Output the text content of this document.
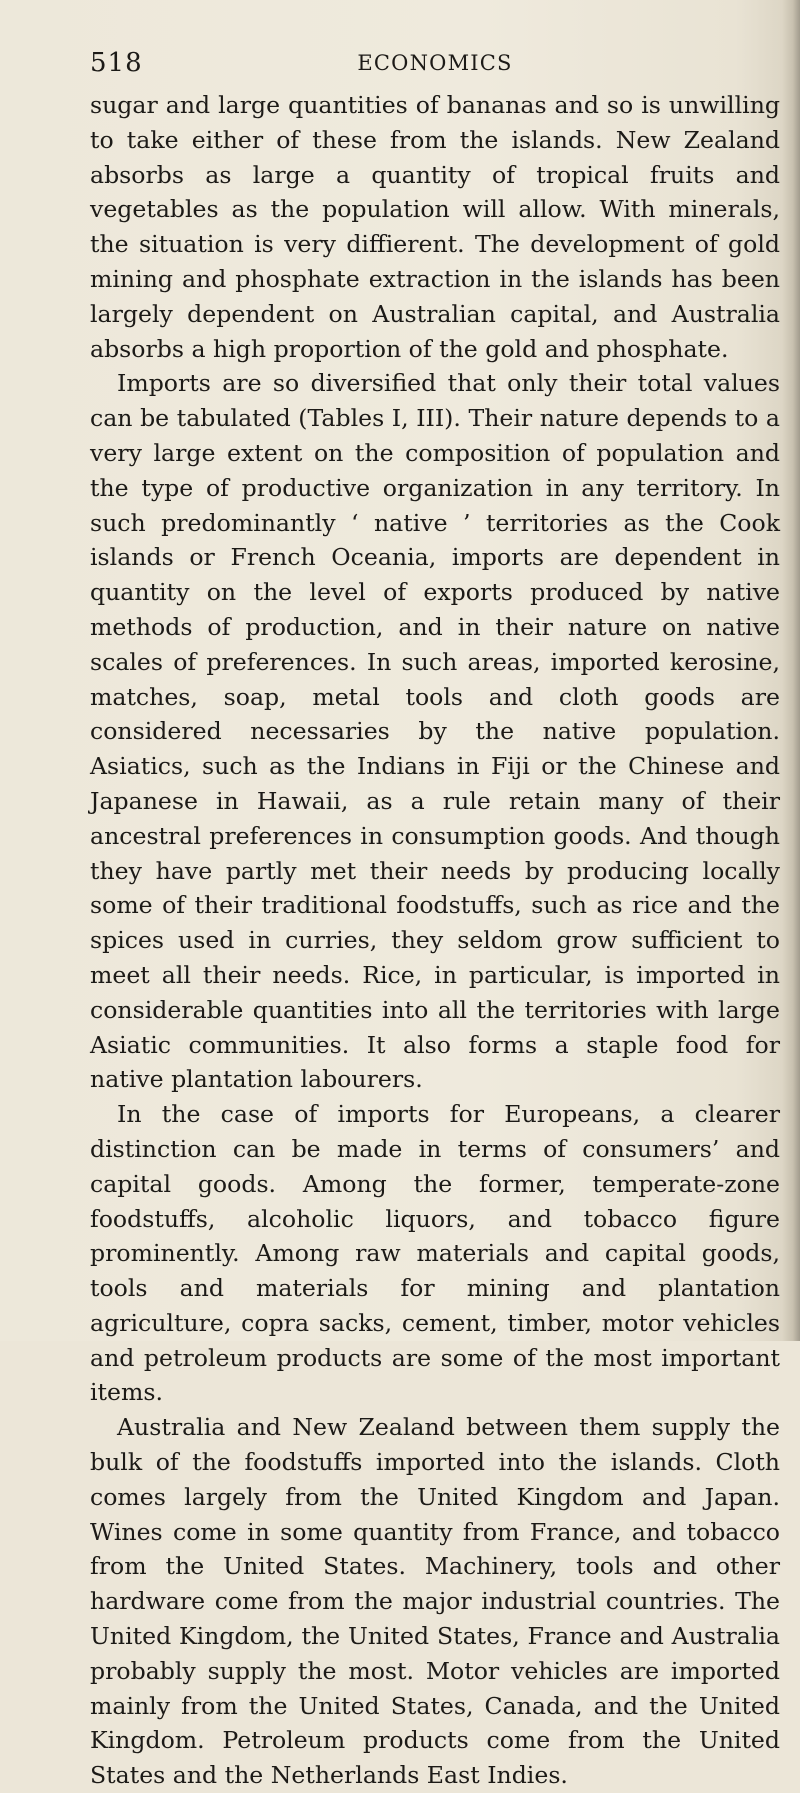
518	ECONOMICS

sugar and large quantities of bananas and so is unwilling to take either of these from the islands. New Zealand absorbs as large a quantity of tropical fruits and vegetables as the population will allow. With minerals, the situation is very diffierent. The development of gold mining and phosphate extraction in the islands has been largely dependent on Australian capital, and Australia absorbs a high proportion of the gold and phosphate.

Imports are so diversified that only their total values can be tabulated (Tables I, III). Their nature depends to a very large extent on the composition of population and the type of productive organization in any territory. In such predominantly ‘ native ’ territories as the Cook islands or French Oceania, imports are dependent in quantity on the level of exports produced by native methods of production, and in their nature on native scales of preferences. In such areas, imported kerosine, matches, soap, metal tools and cloth goods are considered necessaries by the native population. Asiatics, such as the Indians in Fiji or the Chinese and Japanese in Hawaii, as a rule retain many of their ancestral preferences in consumption goods. And though they have partly met their needs by producing locally some of their traditional foodstuffs, such as rice and the spices used in curries, they seldom grow sufficient to meet all their needs. Rice, in particular, is imported in considerable quantities into all the territories with large Asiatic communities. It also forms a staple food for native plantation labourers.

In the case of imports for Europeans, a clearer distinction can be made in terms of consumers’ and capital goods. Among the former, temperate-zone foodstuffs, alcoholic liquors, and tobacco figure prominently. Among raw materials and capital goods, tools and materials for mining and plantation agriculture, copra sacks, cement, timber, motor vehicles and petroleum products are some of the most important items.

Australia and New Zealand between them supply the bulk of the foodstuffs imported into the islands. Cloth comes largely from the United Kingdom and Japan. Wines come in some quantity from France, and tobacco from the United States. Machinery, tools and other hardware come from the major industrial countries. The United Kingdom, the United States, France and Australia probably supply the most. Motor vehicles are imported mainly from the United States, Canada, and the United Kingdom. Petroleum products come from the United States and the Netherlands East Indies.
